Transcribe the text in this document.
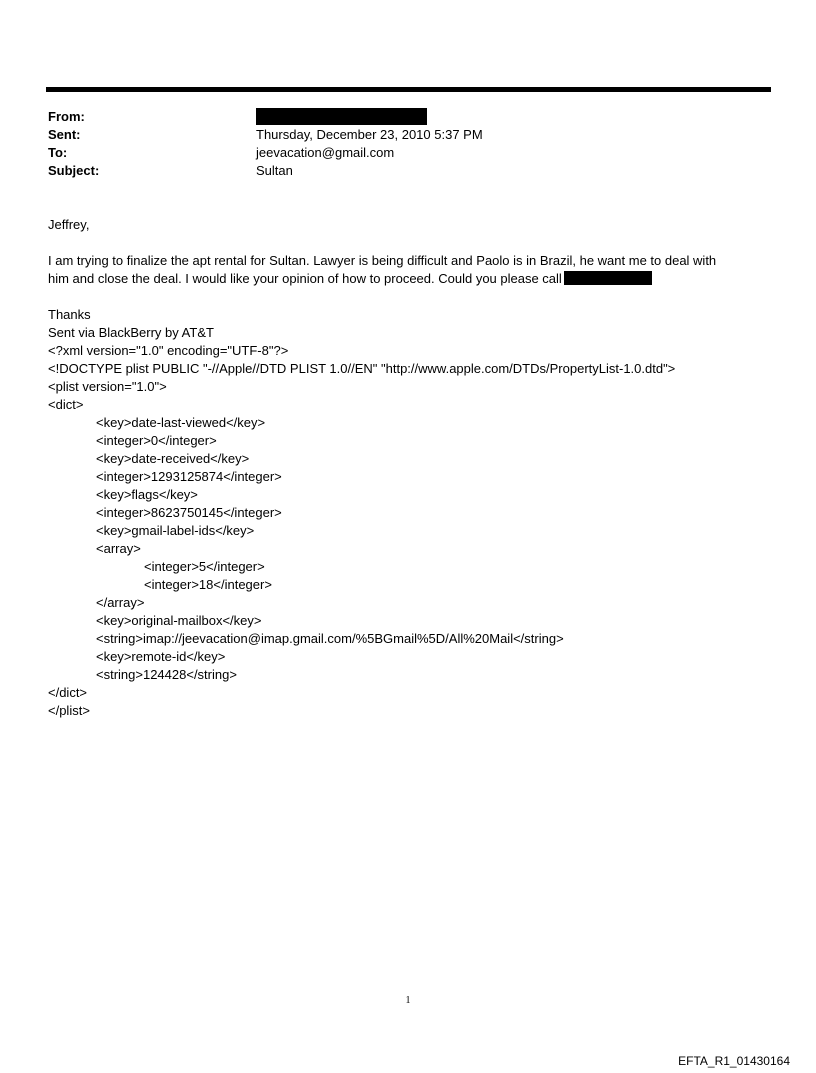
From:
Sent:	Thursday, December 23, 2010 5:37 PM
To:	jeevacation@gmail.com
Subject:	Sultan

Jeffrey,

I am trying to finalize the apt rental for Sultan. Lawyer is being difficult and Paolo is in Brazil, he want me to deal with

him and close the deal. I would like your opinion of how to proceed. Could you please call

Thanks

Sent via BlackBerry by AT&T

<?xml version="1.0" encoding="UTF-8"?>
<!DOCTYPE plist PUBLIC "-//Apple//DTD PLIST 1.0//EN" "http://www.apple.com/DTDs/PropertyList-1.0.dtd">
<plist version="1.0">
<dict>
<key>date-last-viewed</key>
<integer>0</integer>
<key>date-received</key>
<integer>1293125874</integer>
<key>flags</key>
<integer>8623750145</integer>
<key>gmail-label-ids</key>
<array>
<integer>5</integer>
<integer>18</integer>
</array>
<key>original-mailbox</key>
<string>imap://jeevacation@imap.gmail.com/%5BGmail%5D/All%20Mail</string>
<key>remote-id</key>
<string>124428</string>
</dict>
</plist>
1
EFTA_R1_01430164
